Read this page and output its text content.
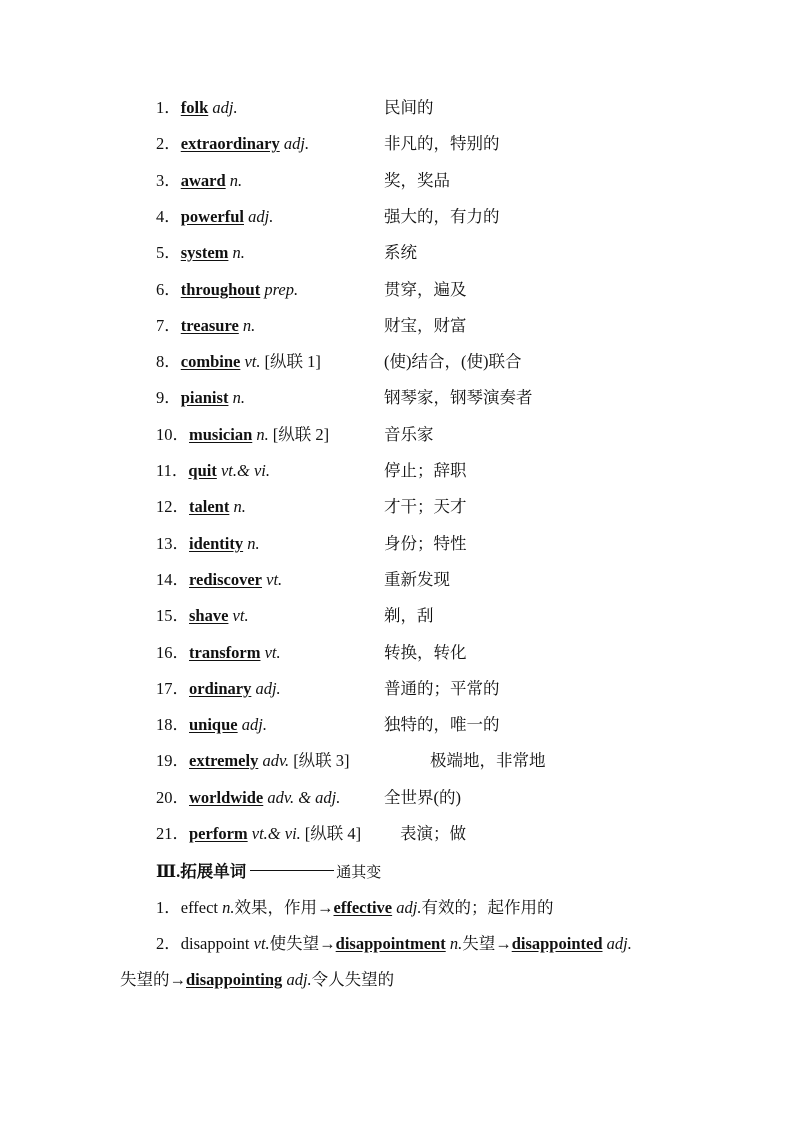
1．folk adj.	民间的
2．extraordinary adj.	非凡的，特别的
3．award n.	奖，奖品
4．powerful adj.	强大的，有力的
5．system n.	系统
6．throughout prep.	贯穿，遍及
7．treasure n.	财宝，财富
8．combine vt. [纵联 1]	(使)结合，(使)联合
9．pianist n.	钢琴家，钢琴演奏者
10．musician n. [纵联 2]	音乐家
11．quit vt.& vi.	停止；辞职
12．talent n.	才干；天才
13．identity n.	身份；特性
14．rediscover vt.	重新发现
15．shave vt.	剃，刮
16．transform vt.	转换，转化
17．ordinary adj.	普通的；平常的
18．unique adj.	独特的，唯一的
19．extremely adv. [纵联 3]	极端地，非常地
20．worldwide adv. & adj.	全世界(的)
21．perform vt.& vi. [纵联 4] 表演；做
Ⅲ.拓展单词	通其变
1．effect n.效果，作用→effective adj.有效的；起作用的
2．disappoint vt.使失望→disappointment n.失望→disappointed adj.
失望的→disappointing adj.令人失望的
